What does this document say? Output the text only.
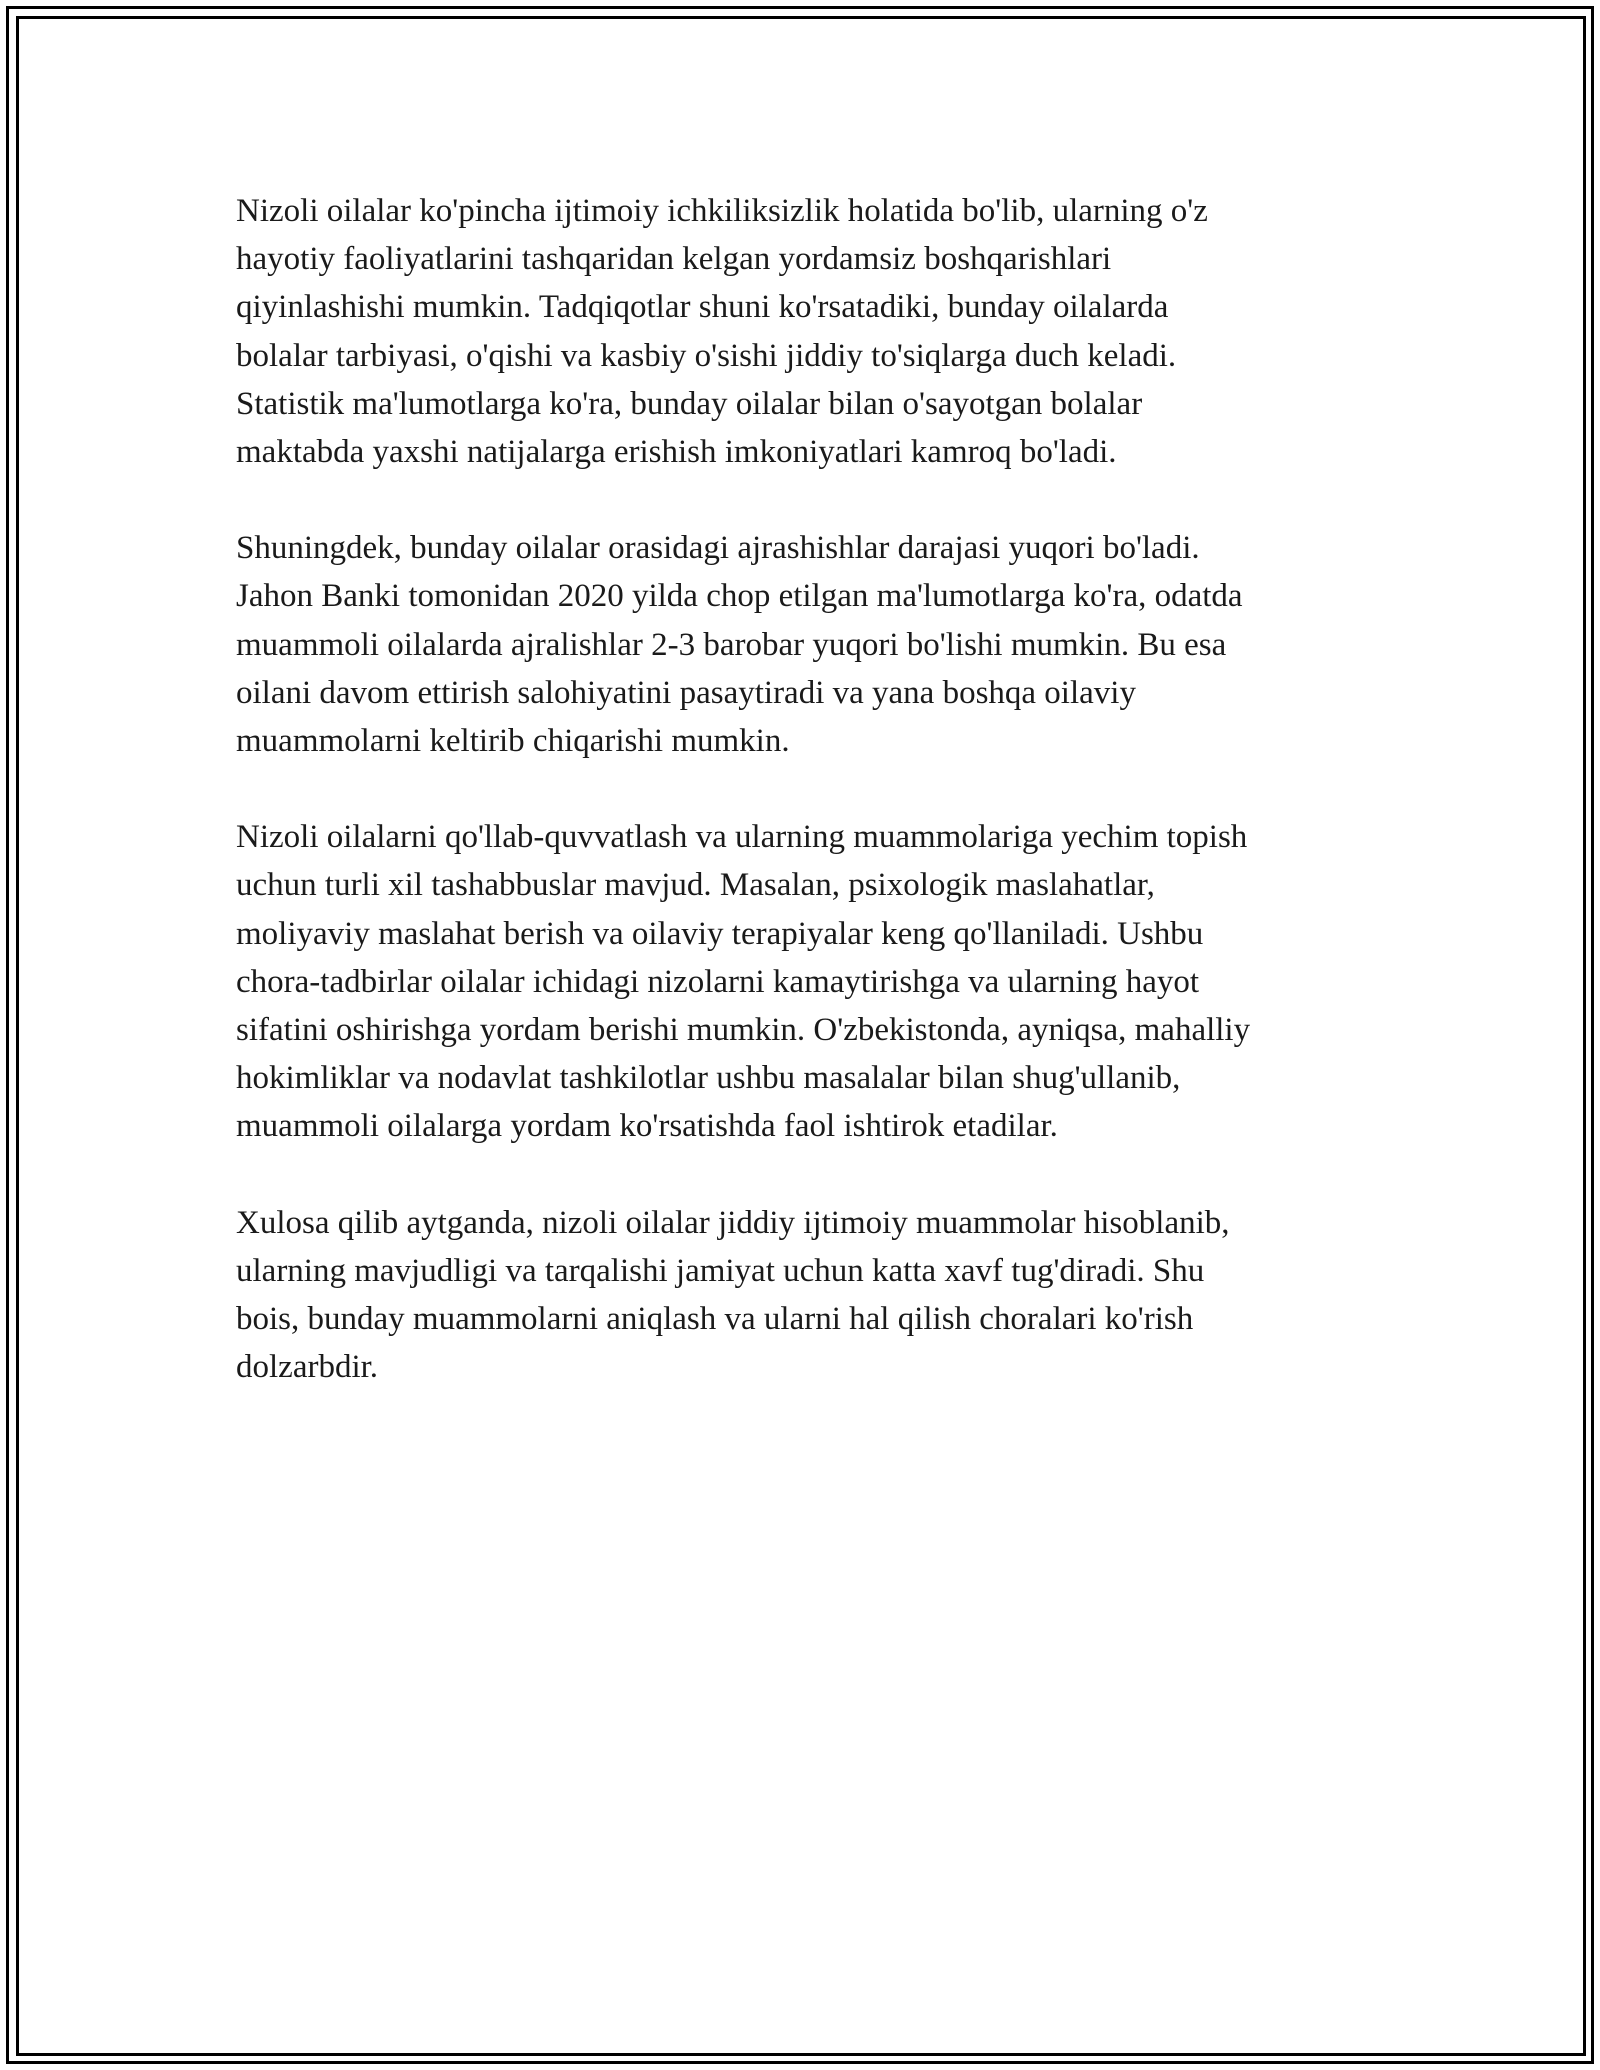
Nizoli oilalar ko'pincha ijtimoiy ichkiliksizlik holatida bo'lib, ularning o'z
hayotiy faoliyatlarini tashqaridan kelgan yordamsiz boshqarishlari
qiyinlashishi mumkin. Tadqiqotlar shuni ko'rsatadiki, bunday oilalarda
bolalar tarbiyasi, o'qishi va kasbiy o'sishi jiddiy to'siqlarga duch keladi.
Statistik ma'lumotlarga ko'ra, bunday oilalar bilan o'sayotgan bolalar
maktabda yaxshi natijalarga erishish imkoniyatlari kamroq bo'ladi.

Shuningdek, bunday oilalar orasidagi ajrashishlar darajasi yuqori bo'ladi.
Jahon Banki tomonidan 2020 yilda chop etilgan ma'lumotlarga ko'ra, odatda
muammoli oilalarda ajralishlar 2-3 barobar yuqori bo'lishi mumkin. Bu esa
oilani davom ettirish salohiyatini pasaytiradi va yana boshqa oilaviy
muammolarni keltirib chiqarishi mumkin.

Nizoli oilalarni qo'llab-quvvatlash va ularning muammolariga yechim topish
uchun turli xil tashabbuslar mavjud. Masalan, psixologik maslahatlar,
moliyaviy maslahat berish va oilaviy terapiyalar keng qo'llaniladi. Ushbu
chora-tadbirlar oilalar ichidagi nizolarni kamaytirishga va ularning hayot
sifatini oshirishga yordam berishi mumkin. O'zbekistonda, ayniqsa, mahalliy
hokimliklar va nodavlat tashkilotlar ushbu masalalar bilan shug'ullanib,
muammoli oilalarga yordam ko'rsatishda faol ishtirok etadilar.

Xulosa qilib aytganda, nizoli oilalar jiddiy ijtimoiy muammolar hisoblanib,
ularning mavjudligi va tarqalishi jamiyat uchun katta xavf tug'diradi. Shu
bois, bunday muammolarni aniqlash va ularni hal qilish choralari ko'rish
dolzarbdir.
